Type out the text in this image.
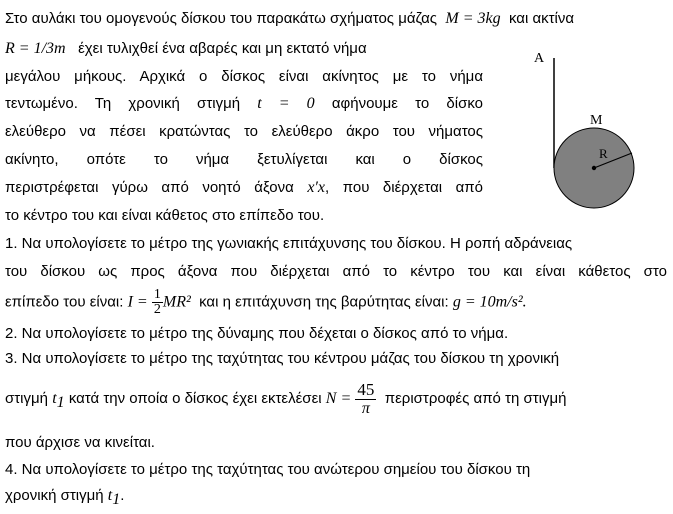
Στο αυλάκι του ομογενούς δίσκου του παρακάτω σχήματος μάζας M = 3kg και ακτίνα
R = 1/3m έχει τυλιχθεί ένα αβαρές και μη εκτατό νήμα
μεγάλου μήκους. Αρχικά ο δίσκος είναι ακίνητος με το νήμα
τεντωμένο. Τη χρονική στιγμή t = 0 αφήνουμε το δίσκο
ελεύθερο να πέσει κρατώντας το ελεύθερο άκρο του νήματος
ακίνητο, οπότε το νήμα ξετυλίγεται και ο δίσκος
περιστρέφεται γύρω από νοητό άξονα x′x, που διέρχεται από
το κέντρο του και είναι κάθετος στο επίπεδο του.
1. Να υπολογίσετε το μέτρο της γωνιακής επιτάχυνσης του δίσκου. Η ροπή αδράνειας
του δίσκου ως προς άξονα που διέρχεται από το κέντρο του και είναι κάθετος στο
επίπεδο του είναι: $I = \frac{1}{2} MR^2$ και η επιτάχυνση της βαρύτητας είναι: g = 10m/s².
2. Να υπολογίσετε το μέτρο της δύναμης που δέχεται ο δίσκος από το νήμα.
3. Να υπολογίσετε το μέτρο της ταχύτητας του κέντρου μάζας του δίσκου τη χρονική
στιγμή $t_1$ κατά την οποία ο δίσκος έχει εκτελέσει $N = \frac{45}{\pi}$ περιστροφές από τη στιγμή
που άρχισε να κινείται.
4. Να υπολογίσετε το μέτρο της ταχύτητας του ανώτερου σημείου του δίσκου τη
χρονική στιγμή $t_1$.
A
M
R
